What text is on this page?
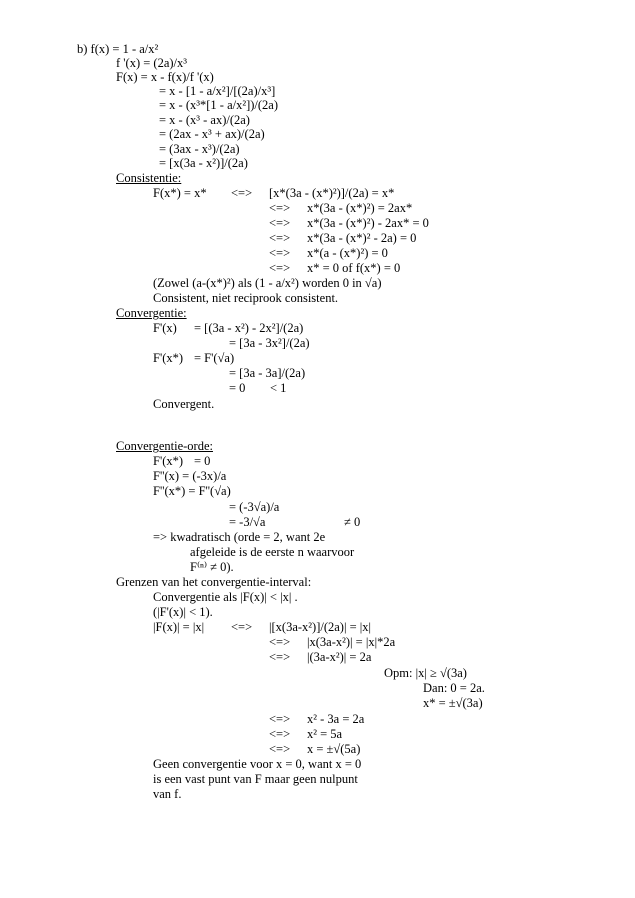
b) f(x) = 1 - a/x²
f '(x) = (2a)/x³
F(x) = x - f(x)/f '(x)
= x - [1 - a/x²]/[(2a)/x³]
= x - (x³*[1 - a/x²])/(2a)
= x - (x³ - ax)/(2a)
= (2ax - x³ + ax)/(2a)
= (3ax - x³)/(2a)
= [x(3a - x²)]/(2a)
Consistentie:
F(x*) = x* <=> [x*(3a - (x*)²)]/(2a) = x*
<=> x*(3a - (x*)²) = 2ax*
<=> x*(3a - (x*)²) - 2ax* = 0
<=> x*(3a - (x*)² - 2a) = 0
<=> x*(a - (x*)²) = 0
<=> x* = 0 of f(x*) = 0
(Zowel (a-(x*)²) als (1 - a/x²) worden 0 in √a)
Consistent, niet reciprook consistent.
Convergentie:
F'(x) = [(3a - x²) - 2x²]/(2a)
= [3a - 3x²]/(2a)
F'(x*) = F'(√a)
= [3a - 3a]/(2a)
= 0 < 1
Convergent.
Convergentie-orde:
F'(x*) = 0
F''(x) = (-3x)/a
F''(x*) = F''(√a)
= (-3√a)/a
= -3/√a	≠ 0
=> kwadratisch (orde = 2, want 2e
afgeleide is de eerste n waarvoor
F⁽ⁿ⁾ ≠ 0).
Grenzen van het convergentie-interval:
Convergentie als |F(x)| < |x| .
(|F'(x)| < 1).
|F(x)| = |x| <=> |[x(3a-x²)]/(2a)| = |x|
<=> |x(3a-x²)| = |x|*2a
<=> |(3a-x²)| = 2a
Opm: |x| ≥ √(3a)
Dan: 0 = 2a.
x* = ±√(3a)
<=> x² - 3a = 2a
<=> x² = 5a
<=> x = ±√(5a)
Geen convergentie voor x = 0, want x = 0
is een vast punt van F maar geen nulpunt
van f.
